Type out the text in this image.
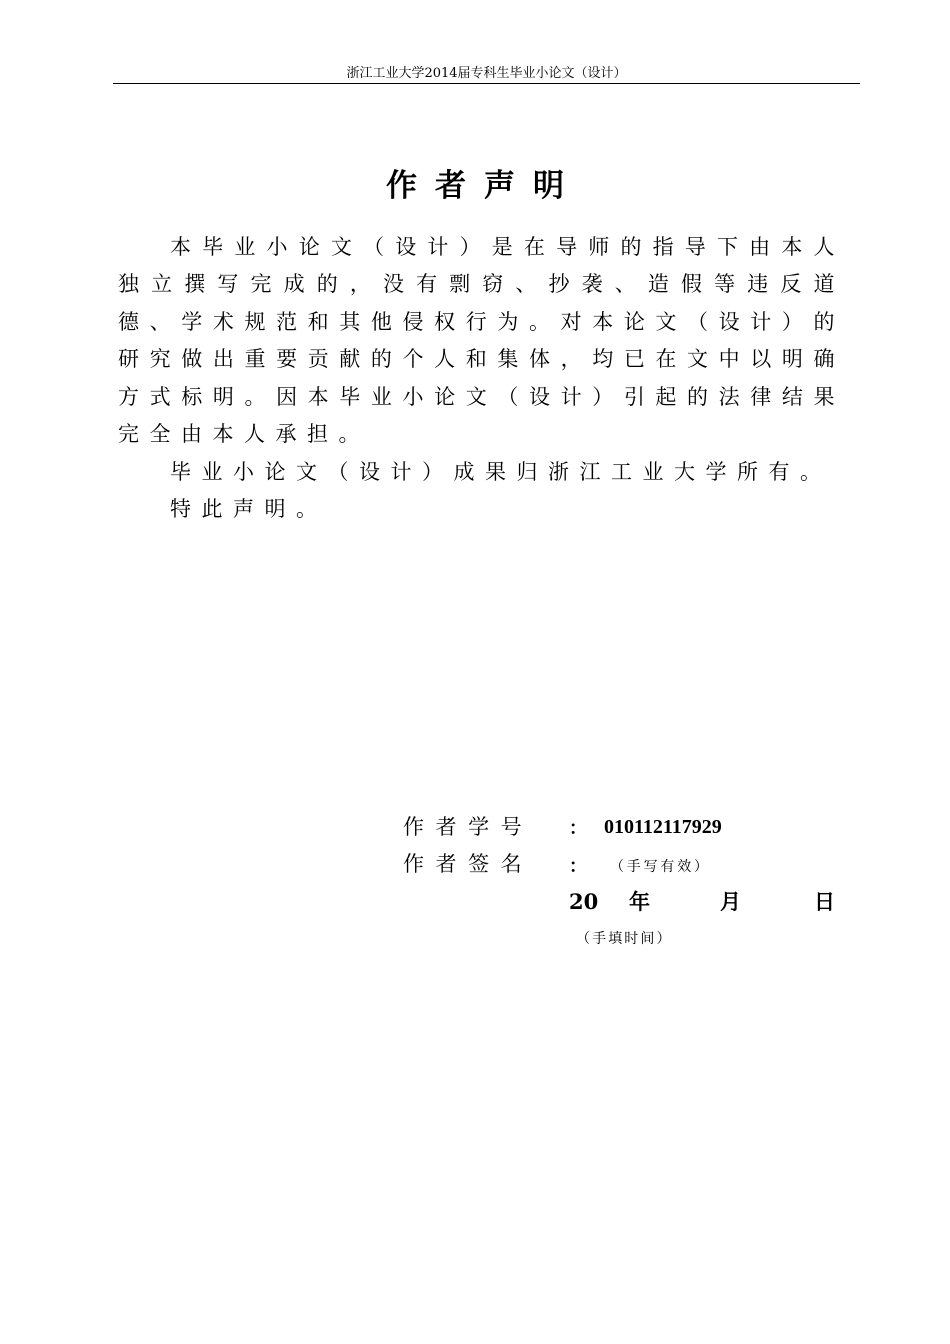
浙江工业大学2014届专科生毕业小论文（设计）
作者声明
本毕业小论文（设计）是在导师的指导下由本人独立撰写完成的，没有剽窃、抄袭、造假等违反道德、学术规范和其他侵权行为。对本论文（设计）的研究做出重要贡献的个人和集体，均已在文中以明确方式标明。因本毕业小论文（设计）引起的法律结果完全由本人承担。
毕业小论文（设计）成果归浙江工业大学所有。
特此声明。
作者学号 ： 010112117929
作者签名 ： （手写有效）
20 年	月	日
（手填时间）
